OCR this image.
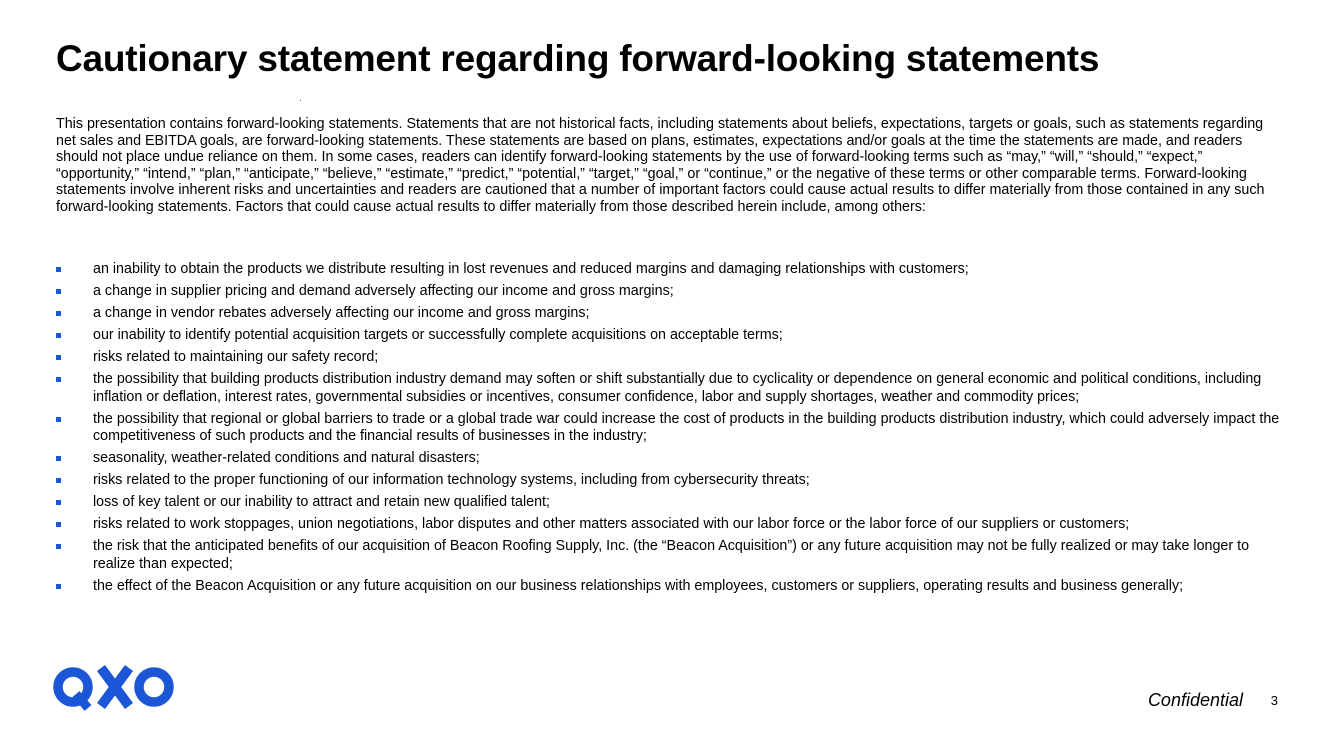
Cautionary statement regarding forward-looking statements

This presentation contains forward-looking statements. Statements that are not historical facts, including statements about beliefs, expectations, targets or goals, such as statements regarding net sales and EBITDA goals, are forward-looking statements. These statements are based on plans, estimates, expectations and/or goals at the time the statements are made, and readers should not place undue reliance on them. In some cases, readers can identify forward-looking statements by the use of forward-looking terms such as “may,” “will,” “should,” “expect,” “opportunity,” “intend,” “plan,” “anticipate,” “believe,” “estimate,” “predict,” “potential,” “target,” “goal,” or “continue,” or the negative of these terms or other comparable terms. Forward-looking statements involve inherent risks and uncertainties and readers are cautioned that a number of important factors could cause actual results to differ materially from those contained in any such forward-looking statements. Factors that could cause actual results to differ materially from those described herein include, among others:

an inability to obtain the products we distribute resulting in lost revenues and reduced margins and damaging relationships with customers;
a change in supplier pricing and demand adversely affecting our income and gross margins;
a change in vendor rebates adversely affecting our income and gross margins;
our inability to identify potential acquisition targets or successfully complete acquisitions on acceptable terms;
risks related to maintaining our safety record;
the possibility that building products distribution industry demand may soften or shift substantially due to cyclicality or dependence on general economic and political conditions, including inflation or deflation, interest rates, governmental subsidies or incentives, consumer confidence, labor and supply shortages, weather and commodity prices;
the possibility that regional or global barriers to trade or a global trade war could increase the cost of products in the building products distribution industry, which could adversely impact the competitiveness of such products and the financial results of businesses in the industry;
seasonality, weather-related conditions and natural disasters;
risks related to the proper functioning of our information technology systems, including from cybersecurity threats;
loss of key talent or our inability to attract and retain new qualified talent;
risks related to work stoppages, union negotiations, labor disputes and other matters associated with our labor force or the labor force of our suppliers or customers;
the risk that the anticipated benefits of our acquisition of Beacon Roofing Supply, Inc. (the “Beacon Acquisition”) or any future acquisition may not be fully realized or may take longer to realize than expected;
the effect of the Beacon Acquisition or any future acquisition on our business relationships with employees, customers or suppliers, operating results and business generally;
Confidential 3
